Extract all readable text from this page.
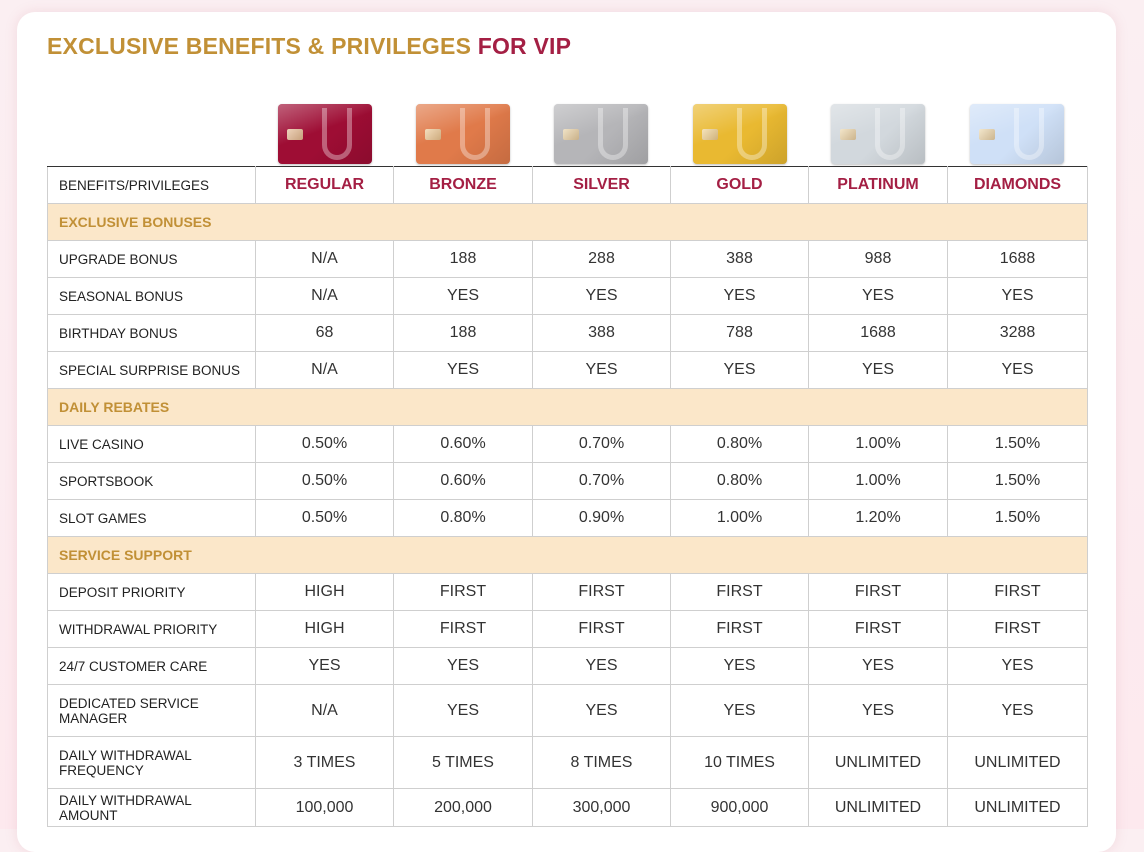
EXCLUSIVE BENEFITS & PRIVILEGES FOR VIP
BENEFITS/PRIVILEGES	REGULAR	BRONZE	SILVER	GOLD	PLATINUM	DIAMONDS
EXCLUSIVE BONUSES						
UPGRADE BONUS	N/A	188	288	388	988	1688
SEASONAL BONUS	N/A	YES	YES	YES	YES	YES
BIRTHDAY BONUS	68	188	388	788	1688	3288
SPECIAL SURPRISE BONUS	N/A	YES	YES	YES	YES	YES
DAILY REBATES						
LIVE CASINO	0.50%	0.60%	0.70%	0.80%	1.00%	1.50%
SPORTSBOOK	0.50%	0.60%	0.70%	0.80%	1.00%	1.50%
SLOT GAMES	0.50%	0.80%	0.90%	1.00%	1.20%	1.50%
SERVICE SUPPORT						
DEPOSIT PRIORITY	HIGH	FIRST	FIRST	FIRST	FIRST	FIRST
WITHDRAWAL PRIORITY	HIGH	FIRST	FIRST	FIRST	FIRST	FIRST
24/7 CUSTOMER CARE	YES	YES	YES	YES	YES	YES
DEDICATED SERVICE MANAGER	N/A	YES	YES	YES	YES	YES
DAILY WITHDRAWAL FREQUENCY	3 TIMES	5 TIMES	8 TIMES	10 TIMES	UNLIMITED	UNLIMITED
DAILY WITHDRAWAL AMOUNT	100,000	200,000	300,000	900,000	UNLIMITED	UNLIMITED
